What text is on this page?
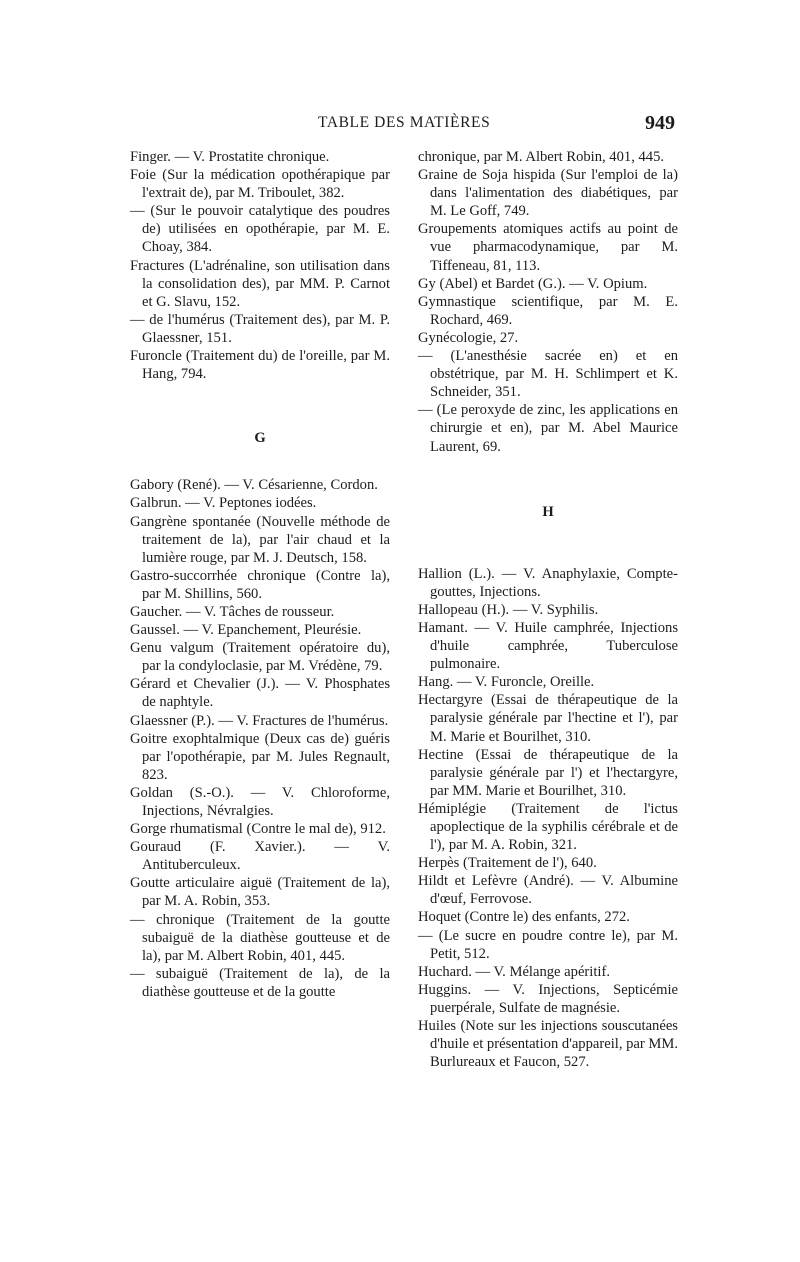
TABLE DES MATIÈRES	949

Finger. — V. Prostatite chronique.

Foie (Sur la médication opothérapique par l'extrait de), par M. Triboulet, 382.

— (Sur le pouvoir catalytique des poudres de) utilisées en opothérapie, par M. E. Choay, 384.

Fractures (L'adrénaline, son utilisation dans la consolidation des), par MM. P. Carnot et G. Slavu, 152.

— de l'humérus (Traitement des), par M. P. Glaessner, 151.

Furoncle (Traitement du) de l'oreille, par M. Hang, 794.

G

Gabory (René). — V. Césarienne, Cordon.

Galbrun. — V. Peptones iodées.

Gangrène spontanée (Nouvelle méthode de traitement de la), par l'air chaud et la lumière rouge, par M. J. Deutsch, 158.

Gastro-succorrhée chronique (Contre la), par M. Shillins, 560.

Gaucher. — V. Tâches de rousseur.

Gaussel. — V. Epanchement, Pleurésie.

Genu valgum (Traitement opératoire du), par la condyloclasie, par M. Vrédène, 79.

Gérard et Chevalier (J.). — V. Phosphates de naphtyle.

Glaessner (P.). — V. Fractures de l'humérus.

Goitre exophtalmique (Deux cas de) guéris par l'opothérapie, par M. Jules Regnault, 823.

Goldan (S.-O.). — V. Chloroforme, Injections, Névralgies.

Gorge rhumatismal (Contre le mal de), 912.

Gouraud (F. Xavier.). — V. Antituberculeux.

Goutte articulaire aiguë (Traitement de la), par M. A. Robin, 353.

— chronique (Traitement de la goutte subaiguë de la diathèse goutteuse et de la), par M. Albert Robin, 401, 445.

— subaiguë (Traitement de la), de la diathèse goutteuse et de la goutte

chronique, par M. Albert Robin, 401, 445.

Graine de Soja hispida (Sur l'emploi de la) dans l'alimentation des diabétiques, par M. Le Goff, 749.

Groupements atomiques actifs au point de vue pharmacodynamique, par M. Tiffeneau, 81, 113.

Gy (Abel) et Bardet (G.). — V. Opium.

Gymnastique scientifique, par M. E. Rochard, 469.

Gynécologie, 27.

— (L'anesthésie sacrée en) et en obstétrique, par M. H. Schlimpert et K. Schneider, 351.

— (Le peroxyde de zinc, les applications en chirurgie et en), par M. Abel Maurice Laurent, 69.

H

Hallion (L.). — V. Anaphylaxie, Compte-gouttes, Injections.

Hallopeau (H.). — V. Syphilis.

Hamant. — V. Huile camphrée, Injections d'huile camphrée, Tuberculose pulmonaire.

Hang. — V. Furoncle, Oreille.

Hectargyre (Essai de thérapeutique de la paralysie générale par l'hectine et l'), par M. Marie et Bourilhet, 310.

Hectine (Essai de thérapeutique de la paralysie générale par l') et l'hectargyre, par MM. Marie et Bourilhet, 310.

Hémiplégie (Traitement de l'ictus apoplectique de la syphilis cérébrale et de l'), par M. A. Robin, 321.

Herpès (Traitement de l'), 640.

Hildt et Lefèvre (André). — V. Albumine d'œuf, Ferrovose.

Hoquet (Contre le) des enfants, 272.

— (Le sucre en poudre contre le), par M. Petit, 512.

Huchard. — V. Mélange apéritif.

Huggins. — V. Injections, Septicémie puerpérale, Sulfate de magnésie.

Huiles (Note sur les injections souscutanées d'huile et présentation d'appareil, par MM. Burlureaux et Faucon, 527.
